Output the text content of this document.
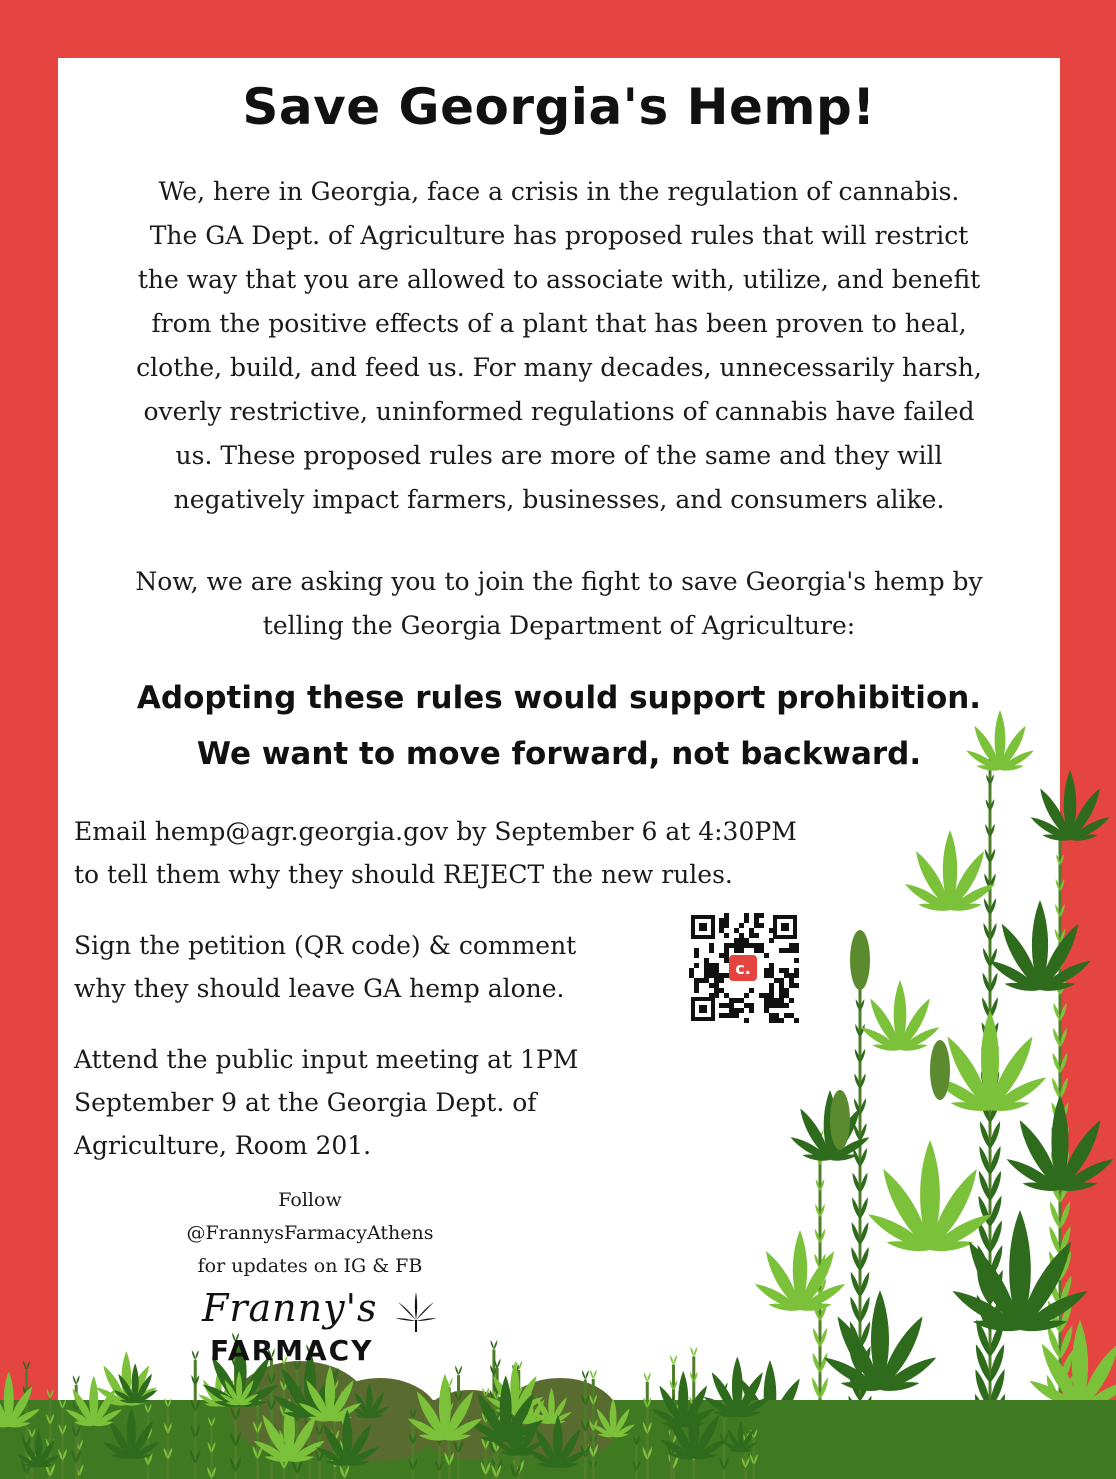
Save Georgia's Hemp!
We, here in Georgia, face a crisis in the regulation of cannabis.
The GA Dept. of Agriculture has proposed rules that will restrict
the way that you are allowed to associate with, utilize, and benefit
from the positive effects of a plant that has been proven to heal,
clothe, build, and feed us. For many decades, unnecessarily harsh,
overly restrictive, uninformed regulations of cannabis have failed
us. These proposed rules are more of the same and they will
negatively impact farmers, businesses, and consumers alike.
Now, we are asking you to join the fight to save Georgia's hemp by
telling the Georgia Department of Agriculture:
Adopting these rules would support prohibition.
We want to move forward, not backward.
Email hemp@agr.georgia.gov by September 6 at 4:30PM
to tell them why they should REJECT the new rules.
Sign the petition (QR code) & comment
why they should leave GA hemp alone.
Attend the public input meeting at 1PM
September 9 at the Georgia Dept. of
Agriculture, Room 201.
c.
Follow
@FrannysFarmacyAthens
for updates on IG & FB
Franny's
FARMACY
